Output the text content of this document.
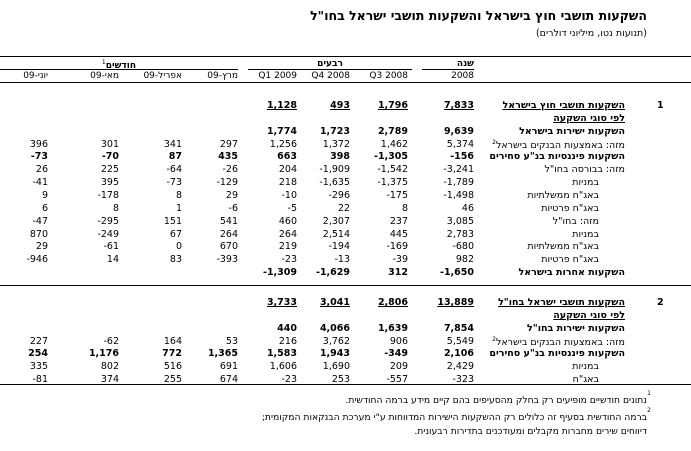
השקעות תושבי חוץ בישראל והשקעות תושבי ישראל בחו"ל
(תנועות נטו, מיליוני דולרים)
שנה
רבעים
חודשים$^1$
2008
Q3 2008
Q4 2008
Q1 2009
מרץ-09
אפריל-09
מאי-09
יוני-09
1
השקעות תושבי חוץ בישראל
7,833
1,796
493
1,128
לפי סוגי השקעה
השקעות ישירות בישראל
9,639
2,789
1,723
1,774
מזה: באמצעות הבנקים בישראל$^2$
5,374
1,462
1,372
1,256
297
341
301
396
השקעות פיננסיות בנ"ע סחירים
-156
-1,305
398
663
435
87
-70
-73
מזה: בבורסה בחו"ל
-3,241
-1,542
-1,909
204
-26
-64
225
26
במניות
-1,789
-1,375
-1,635
218
-129
-73
395
-41
באג"ח ממשלתיות
-1,498
-175
-296
-10
29
8
-178
9
באג"ח פרטיות
46
8
22
-5
-6
1
8
6
מזה: בחו"ל
3,085
237
2,307
460
541
151
-295
-47
במניות
2,783
445
2,514
264
264
67
-249
870
באג"ח ממשלתיות
-680
-169
-194
219
670
0
-61
29
באג"ח פרטיות
982
-39
-13
-23
-393
83
14
-946
השקעות אחרות בישראל
-1,650
312
-1,629
-1,309
2
השקעות תושבי ישראל בחו"ל
13,889
2,806
3,041
3,733
לפי סוגי השקעה
השקעות ישירות בחו"ל
7,854
1,639
4,066
440
מזה: באמצעות הבנקים בישראל$^2$
5,549
906
3,762
216
53
164
-62
227
השקעות פיננסיות בנ"ע סחירים
2,106
-349
1,943
1,583
1,365
772
1,176
254
במניות
2,429
209
1,690
1,606
691
516
802
335
באג"ח
-323
-557
253
-23
674
255
374
-81
1
נתונים חודשיים מופיעים רק בחלק מהסעיפים בהם קיים מידע ברמה החודשית.
2
ברמה החודשית בסעיף זה כלולים רק ההשקעות הישירות המדווחות ע"י מערכת הבנקאות המקומית;
דיווחים שירים מחברות מקבלים ומעודכנים בתדירות רבעונית.
